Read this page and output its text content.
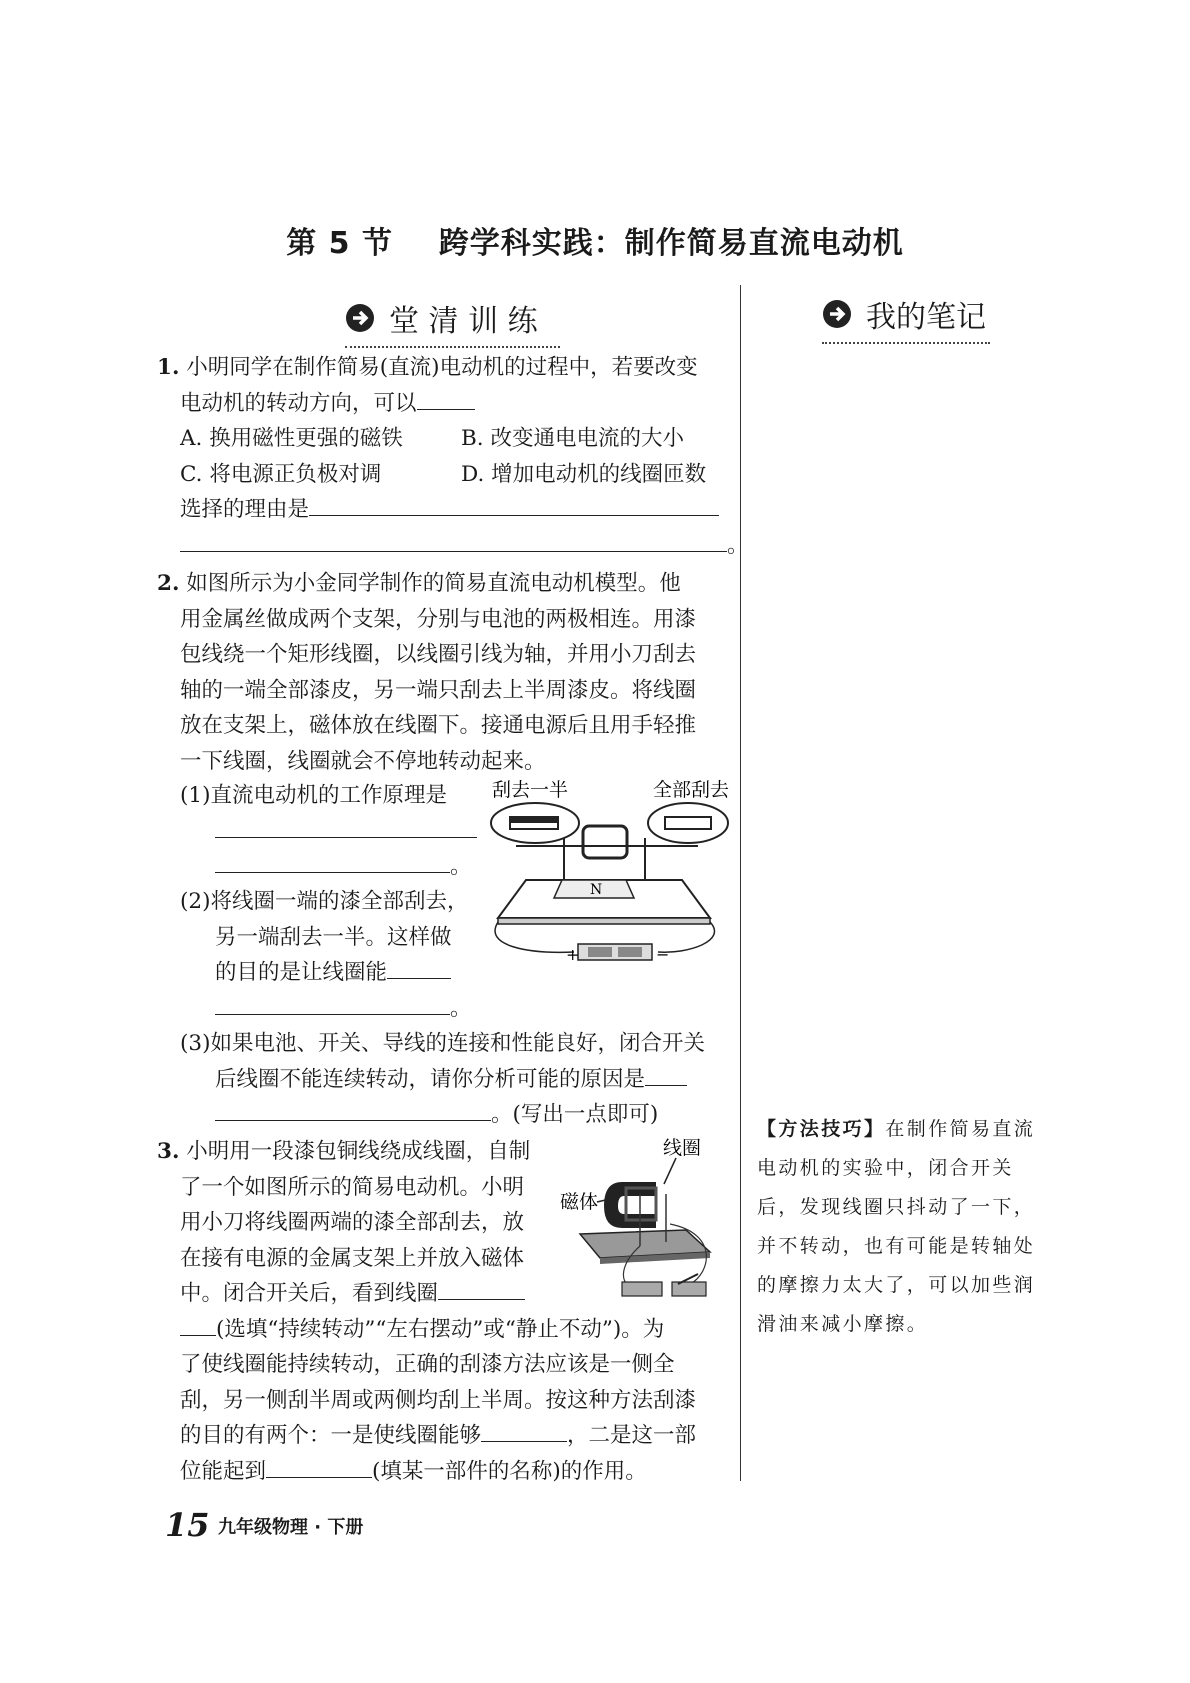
第 5 节    跨学科实践：制作简易直流电动机
堂 清 训 练	我的笔记
1. 小明同学在制作简易(直流)电动机的过程中，若要改变
电动机的转动方向，可以
A. 换用磁性更强的磁铁	B. 改变通电电流的大小
C. 将电源正负极对调	D. 增加电动机的线圈匝数
选择的理由是
。
2. 如图所示为小金同学制作的简易直流电动机模型。他
用金属丝做成两个支架，分别与电池的两极相连。用漆
包线绕一个矩形线圈，以线圈引线为轴，并用小刀刮去
轴的一端全部漆皮，另一端只刮去上半周漆皮。将线圈
放在支架上，磁体放在线圈下。接通电源后且用手轻推
一下线圈，线圈就会不停地转动起来。
(1)直流电动机的工作原理是
。
(2)将线圈一端的漆全部刮去，
另一端刮去一半。这样做
的目的是让线圈能
。
(3)如果电池、开关、导线的连接和性能良好，闭合开关
后线圈不能连续转动，请你分析可能的原因是
。(写出一点即可)
刮去一半	全部刮去
N
+	−
3. 小明用一段漆包铜线绕成线圈，自制
了一个如图所示的简易电动机。小明
用小刀将线圈两端的漆全部刮去，放
在接有电源的金属支架上并放入磁体
中。闭合开关后，看到线圈
(选填“持续转动”“左右摆动”或“静止不动”)。为
了使线圈能持续转动，正确的刮漆方法应该是一侧全
刮，另一侧刮半周或两侧均刮上半周。按这种方法刮漆
的目的有两个：一是使线圈能够	，二是这一部
位能起到	(填某一部件的名称)的作用。
线圈
磁体
【方法技巧】在制作简易直流电动机的实验中，闭合开关后，发现线圈只抖动了一下，并不转动，也有可能是转轴处的摩擦力太大了，可以加些润滑油来减小摩擦。
15 九年级物理 · 下册
